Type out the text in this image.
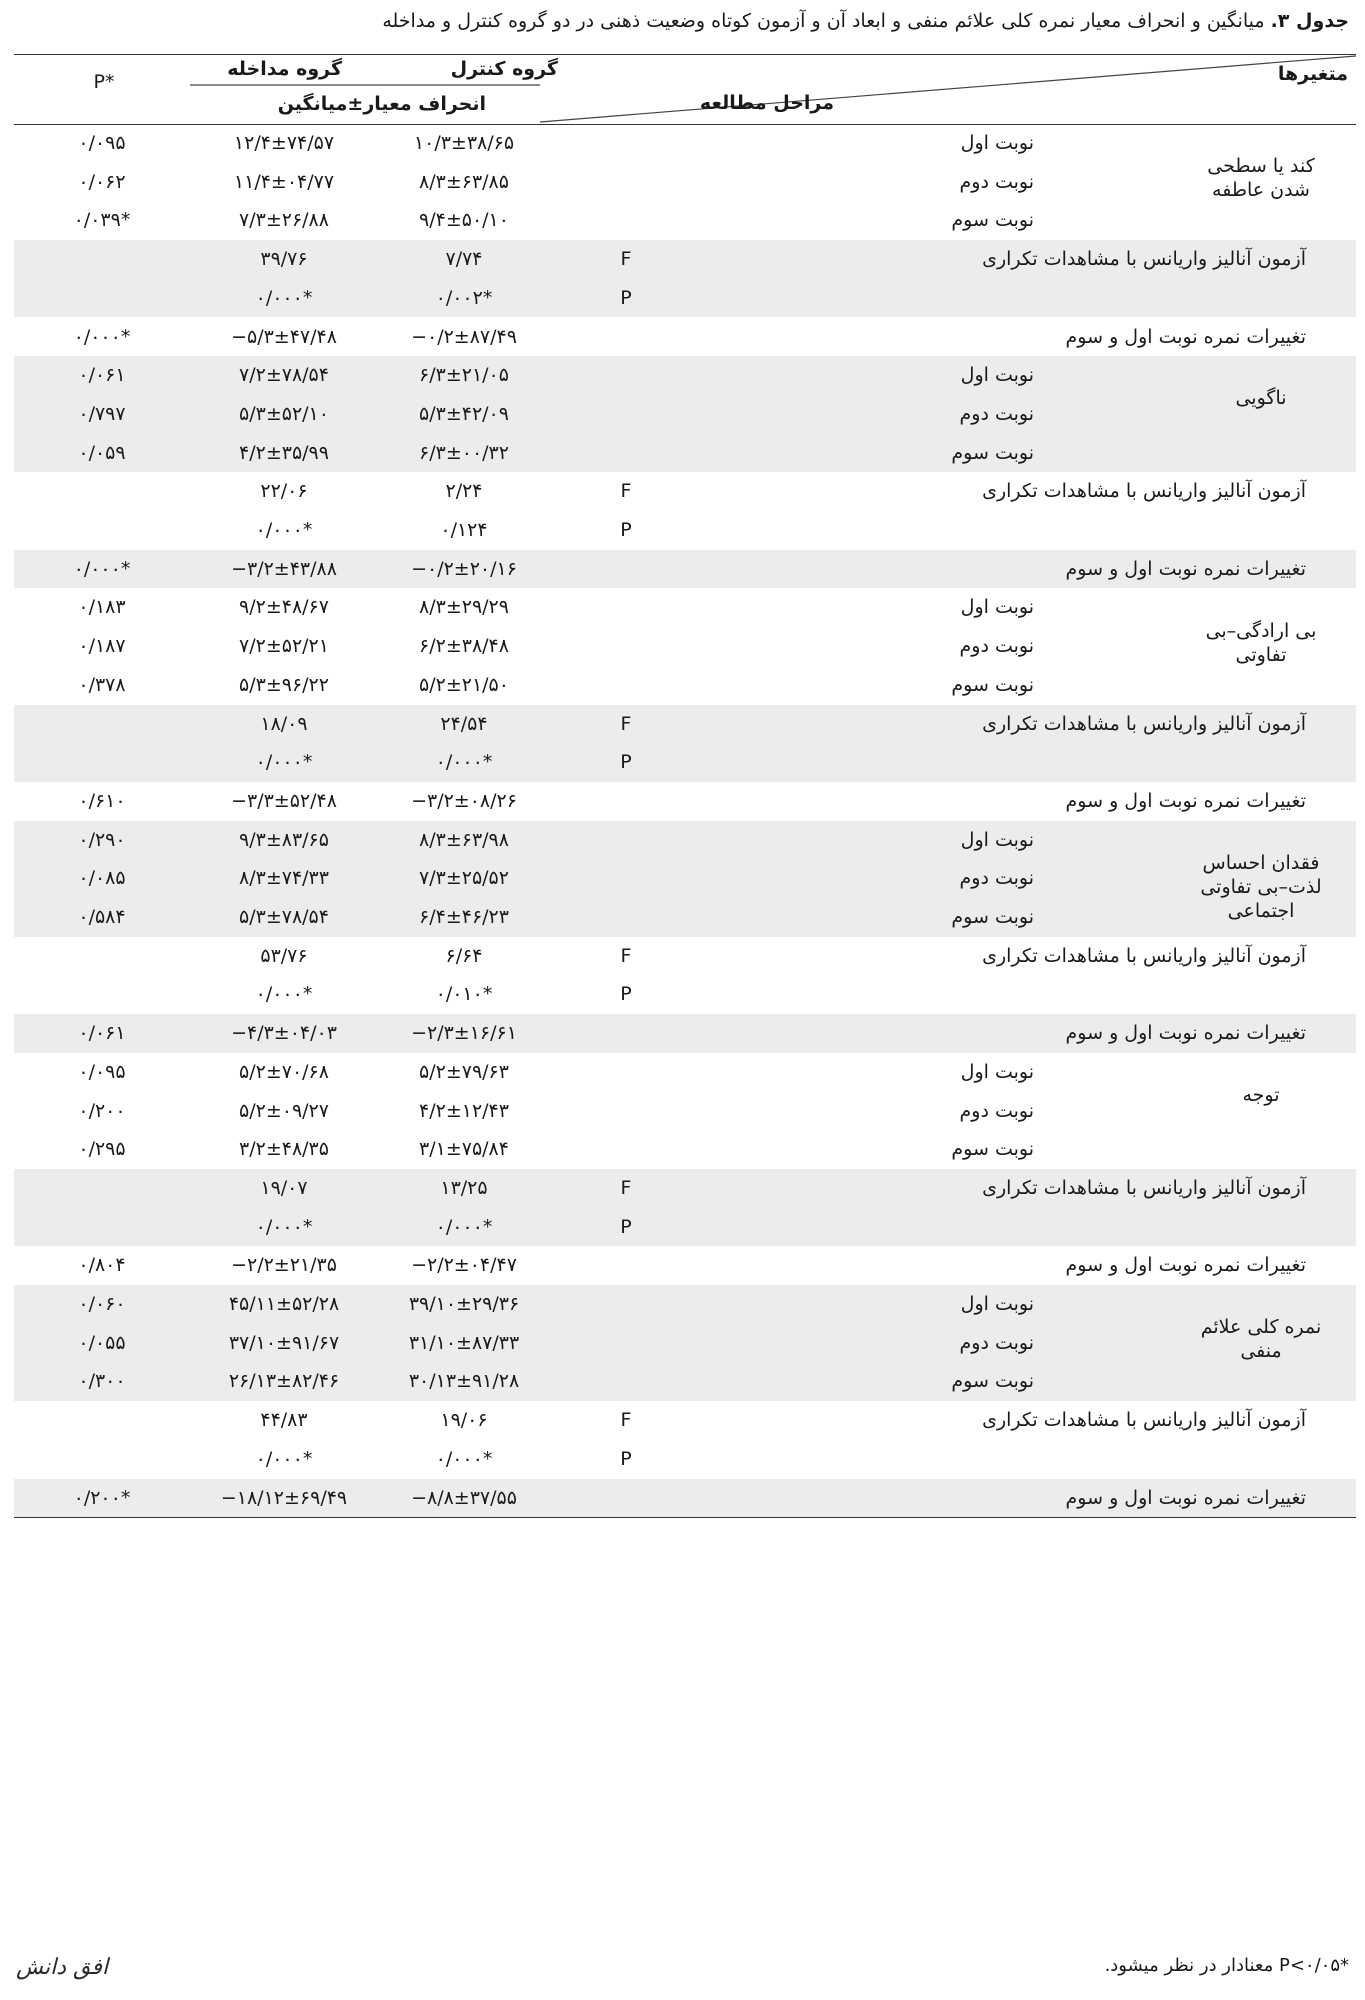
جدول ۳. میانگین و انحراف معیار نمره کلی علائم منفی و ابعاد آن و آزمون کوتاه وضعیت ذهنی در دو گروه کنترل و مداخله
متغیرها
مراحل مطالعه
گروه کنترل
گروه مداخله
انحراف معیار±میانگین
P*
کند یا سطحی شدن عاطفه
نوبت اول
۱۰/۳±۳۸/۶۵
۱۲/۴±۷۴/۵۷
۰/۰۹۵
نوبت دوم
۸/۳±۶۳/۸۵
۱۱/۴±۰۴/۷۷
۰/۰۶۲
نوبت سوم
۹/۴±۵۰/۱۰
۷/۳±۲۶/۸۸
۰/۰۳۹*
آزمون آنالیز واریانس با مشاهدات تکراری
F
۷/۷۴
۳۹/۷۶
P
۰/۰۰۲*
۰/۰۰۰*
تغییرات نمره نوبت اول و سوم
−۰/۲±۸۷/۴۹
−۵/۳±۴۷/۴۸
۰/۰۰۰*
ناگویی
نوبت اول
۶/۳±۲۱/۰۵
۷/۲±۷۸/۵۴
۰/۰۶۱
نوبت دوم
۵/۳±۴۲/۰۹
۵/۳±۵۲/۱۰
۰/۷۹۷
نوبت سوم
۶/۳±۰۰/۳۲
۴/۲±۳۵/۹۹
۰/۰۵۹
آزمون آنالیز واریانس با مشاهدات تکراری
F
۲/۲۴
۲۲/۰۶
P
۰/۱۲۴
۰/۰۰۰*
تغییرات نمره نوبت اول و سوم
−۰/۲±۲۰/۱۶
−۳/۲±۴۳/۸۸
۰/۰۰۰*
بی ارادگی–بی تفاوتی
نوبت اول
۸/۳±۲۹/۲۹
۹/۲±۴۸/۶۷
۰/۱۸۳
نوبت دوم
۶/۲±۳۸/۴۸
۷/۲±۵۲/۲۱
۰/۱۸۷
نوبت سوم
۵/۲±۲۱/۵۰
۵/۳±۹۶/۲۲
۰/۳۷۸
آزمون آنالیز واریانس با مشاهدات تکراری
F
۲۴/۵۴
۱۸/۰۹
P
۰/۰۰۰*
۰/۰۰۰*
تغییرات نمره نوبت اول و سوم
−۳/۲±۰۸/۲۶
−۳/۳±۵۲/۴۸
۰/۶۱۰
فقدان احساس لذت–بی تفاوتی اجتماعی
نوبت اول
۸/۳±۶۳/۹۸
۹/۳±۸۳/۶۵
۰/۲۹۰
نوبت دوم
۷/۳±۲۵/۵۲
۸/۳±۷۴/۳۳
۰/۰۸۵
نوبت سوم
۶/۴±۴۶/۲۳
۵/۳±۷۸/۵۴
۰/۵۸۴
آزمون آنالیز واریانس با مشاهدات تکراری
F
۶/۶۴
۵۳/۷۶
P
۰/۰۱۰*
۰/۰۰۰*
تغییرات نمره نوبت اول و سوم
−۲/۳±۱۶/۶۱
−۴/۳±۰۴/۰۳
۰/۰۶۱
توجه
نوبت اول
۵/۲±۷۹/۶۳
۵/۲±۷۰/۶۸
۰/۰۹۵
نوبت دوم
۴/۲±۱۲/۴۳
۵/۲±۰۹/۲۷
۰/۲۰۰
نوبت سوم
۳/۱±۷۵/۸۴
۳/۲±۴۸/۳۵
۰/۲۹۵
آزمون آنالیز واریانس با مشاهدات تکراری
F
۱۳/۲۵
۱۹/۰۷
P
۰/۰۰۰*
۰/۰۰۰*
تغییرات نمره نوبت اول و سوم
−۲/۲±۰۴/۴۷
−۲/۲±۲۱/۳۵
۰/۸۰۴
نمره کلی علائم منفی
نوبت اول
۳۹/۱۰±۲۹/۳۶
۴۵/۱۱±۵۲/۲۸
۰/۰۶۰
نوبت دوم
۳۱/۱۰±۸۷/۳۳
۳۷/۱۰±۹۱/۶۷
۰/۰۵۵
نوبت سوم
۳۰/۱۳±۹۱/۲۸
۲۶/۱۳±۸۲/۴۶
۰/۳۰۰
آزمون آنالیز واریانس با مشاهدات تکراری
F
۱۹/۰۶
۴۴/۸۳
P
۰/۰۰۰*
۰/۰۰۰*
تغییرات نمره نوبت اول و سوم
−۸/۸±۳۷/۵۵
−۱۸/۱۲±۶۹/۴۹
۰/۲۰۰*
*P<۰/۰۵ معنادار در نظر میشود.
افق دانش
